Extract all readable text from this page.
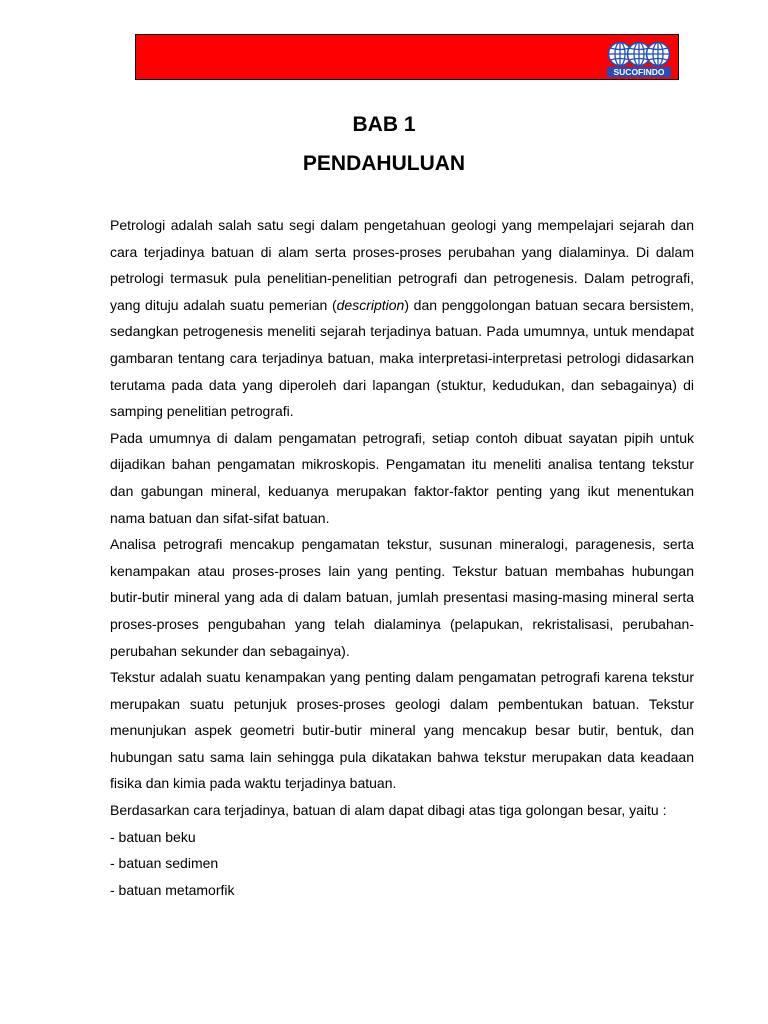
SUCOFINDO
BAB 1
PENDAHULUAN

Petrologi adalah salah satu segi dalam pengetahuan geologi yang mempelajari sejarah dan cara terjadinya batuan di alam serta proses-proses perubahan yang dialaminya. Di dalam petrologi termasuk pula penelitian-penelitian petrografi dan petrogenesis. Dalam petrografi, yang dituju adalah suatu pemerian (description) dan penggolongan batuan secara bersistem, sedangkan petrogenesis meneliti sejarah terjadinya batuan. Pada umumnya, untuk mendapat gambaran tentang cara terjadinya batuan, maka interpretasi-interpretasi petrologi didasarkan terutama pada data yang diperoleh dari lapangan (stuktur, kedudukan, dan sebagainya) di samping penelitian petrografi.

Pada umumnya di dalam pengamatan petrografi, setiap contoh dibuat sayatan pipih untuk dijadikan bahan pengamatan mikroskopis. Pengamatan itu meneliti analisa tentang tekstur dan gabungan mineral, keduanya merupakan faktor-faktor penting yang ikut menentukan nama batuan dan sifat-sifat batuan.

Analisa petrografi mencakup pengamatan tekstur, susunan mineralogi, paragenesis, serta kenampakan atau proses-proses lain yang penting. Tekstur batuan membahas hubungan butir-butir mineral yang ada di dalam batuan, jumlah presentasi masing-masing mineral serta proses-proses pengubahan yang telah dialaminya (pelapukan, rekristalisasi, perubahan-perubahan sekunder dan sebagainya).

Tekstur adalah suatu kenampakan yang penting dalam pengamatan petrografi karena tekstur merupakan suatu petunjuk proses-proses geologi dalam pembentukan batuan. Tekstur menunjukan aspek geometri butir-butir mineral yang mencakup besar butir, bentuk, dan hubungan satu sama lain sehingga pula dikatakan bahwa tekstur merupakan data keadaan fisika dan kimia pada waktu terjadinya batuan.

Berdasarkan cara terjadinya, batuan di alam dapat dibagi atas tiga golongan besar, yaitu :

- batuan beku
- batuan sedimen
- batuan metamorfik
